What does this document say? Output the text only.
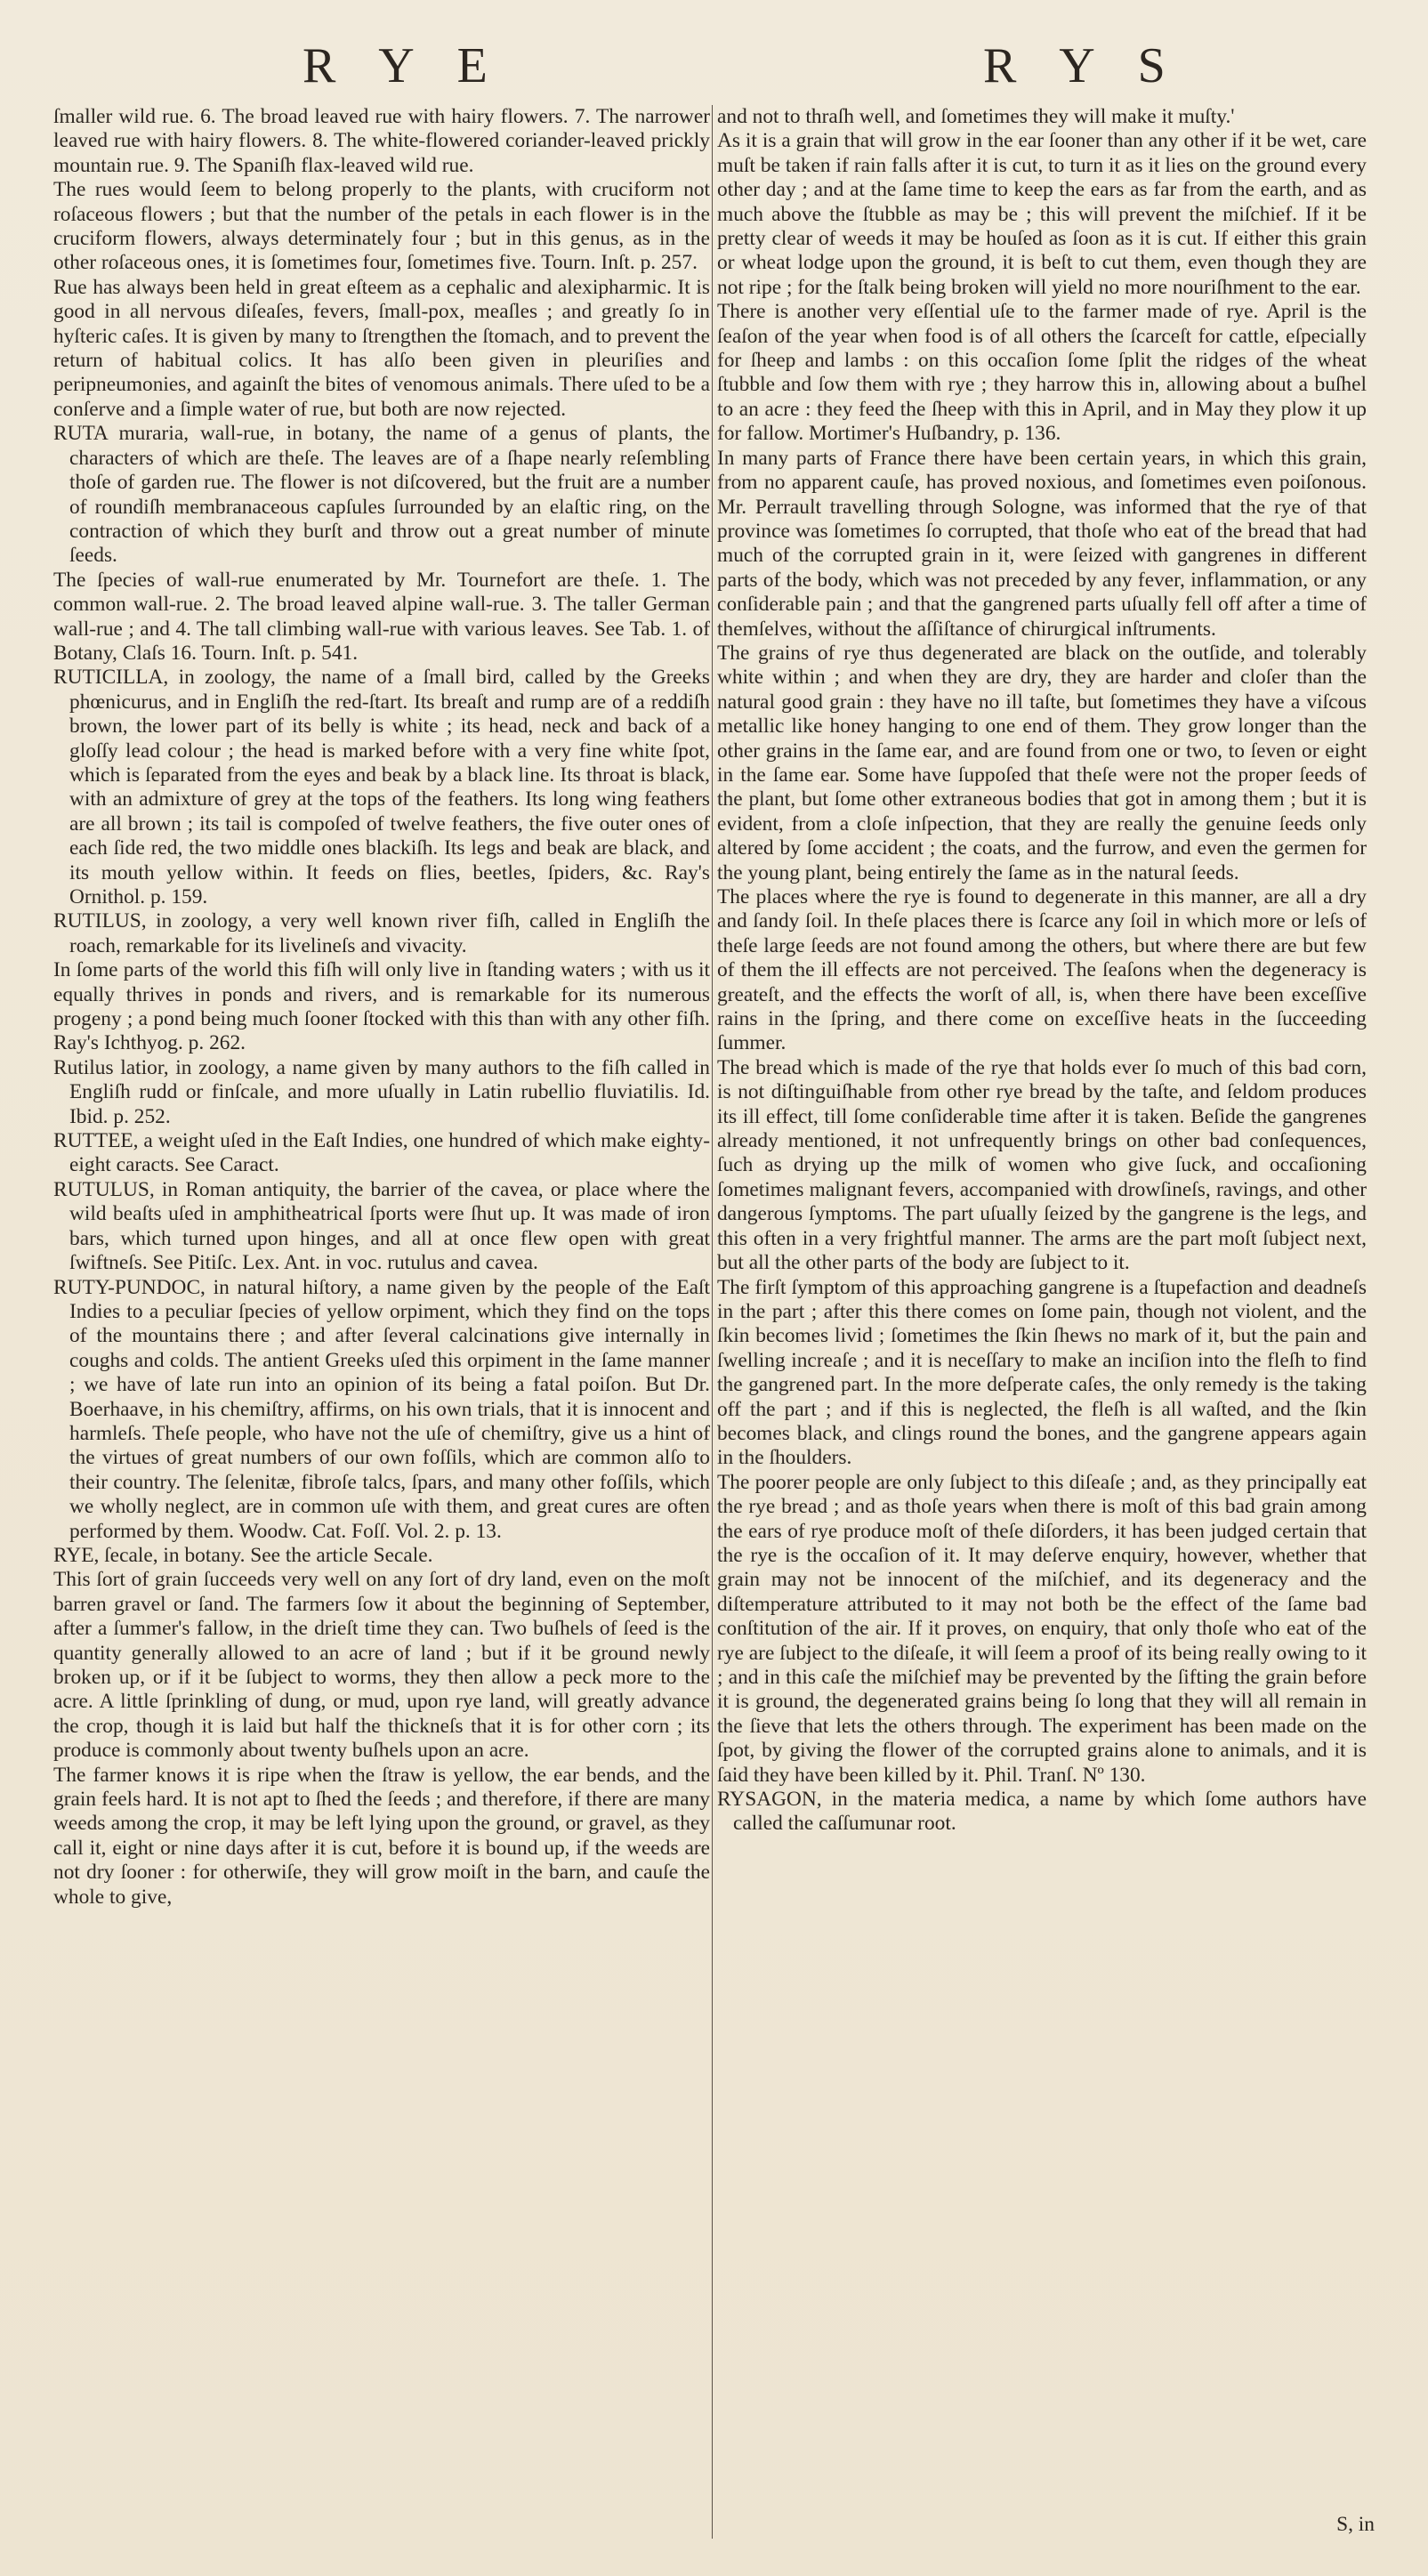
R Y E	R Y S

ſmaller wild rue. 6. The broad leaved rue with hairy flowers. 7. The narrower leaved rue with hairy flowers. 8. The white-flowered coriander-leaved prickly mountain rue. 9. The Spaniſh flax-leaved wild rue.

The rues would ſeem to belong properly to the plants, with cruciform not roſaceous flowers ; but that the number of the petals in each flower is in the cruciform flowers, always determinately four ; but in this genus, as in the other roſaceous ones, it is ſometimes four, ſometimes five. Tourn. Inſt. p. 257.

Rue has always been held in great eſteem as a cephalic and alexipharmic. It is good in all nervous diſeaſes, fevers, ſmall-pox, meaſles ; and greatly ſo in hyſteric caſes. It is given by many to ſtrengthen the ſtomach, and to prevent the return of habitual colics. It has alſo been given in pleuriſies and peripneumonies, and againſt the bites of venomous animals. There uſed to be a conſerve and a ſimple water of rue, but both are now rejected.

RUTA muraria, wall-rue, in botany, the name of a genus of plants, the characters of which are theſe. The leaves are of a ſhape nearly reſembling thoſe of garden rue. The flower is not diſcovered, but the fruit are a number of roundiſh membranaceous capſules ſurrounded by an elaſtic ring, on the contraction of which they burſt and throw out a great number of minute ſeeds.

The ſpecies of wall-rue enumerated by Mr. Tournefort are theſe. 1. The common wall-rue. 2. The broad leaved alpine wall-rue. 3. The taller German wall-rue ; and 4. The tall climbing wall-rue with various leaves. See Tab. 1. of Botany, Claſs 16. Tourn. Inſt. p. 541.

RUTICILLA, in zoology, the name of a ſmall bird, called by the Greeks phœnicurus, and in Engliſh the red-ſtart. Its breaſt and rump are of a reddiſh brown, the lower part of its belly is white ; its head, neck and back of a gloſſy lead colour ; the head is marked before with a very fine white ſpot, which is ſeparated from the eyes and beak by a black line. Its throat is black, with an admixture of grey at the tops of the feathers. Its long wing feathers are all brown ; its tail is compoſed of twelve feathers, the five outer ones of each ſide red, the two middle ones blackiſh. Its legs and beak are black, and its mouth yellow within. It feeds on flies, beetles, ſpiders, &c. Ray's Ornithol. p. 159.

RUTILUS, in zoology, a very well known river fiſh, called in Engliſh the roach, remarkable for its livelineſs and vivacity.

In ſome parts of the world this fiſh will only live in ſtanding waters ; with us it equally thrives in ponds and rivers, and is remarkable for its numerous progeny ; a pond being much ſooner ſtocked with this than with any other fiſh. Ray's Ichthyog. p. 262.

Rutilus latior, in zoology, a name given by many authors to the fiſh called in Engliſh rudd or finſcale, and more uſually in Latin rubellio fluviatilis. Id. Ibid. p. 252.

RUTTEE, a weight uſed in the Eaſt Indies, one hundred of which make eighty-eight caracts. See Caract.

RUTULUS, in Roman antiquity, the barrier of the cavea, or place where the wild beaſts uſed in amphitheatrical ſports were ſhut up. It was made of iron bars, which turned upon hinges, and all at once flew open with great ſwiftneſs. See Pitiſc. Lex. Ant. in voc. rutulus and cavea.

RUTY-PUNDOC, in natural hiſtory, a name given by the people of the Eaſt Indies to a peculiar ſpecies of yellow orpiment, which they find on the tops of the mountains there ; and after ſeveral calcinations give internally in coughs and colds. The antient Greeks uſed this orpiment in the ſame manner ; we have of late run into an opinion of its being a fatal poiſon. But Dr. Boerhaave, in his chemiſtry, affirms, on his own trials, that it is innocent and harmleſs. Theſe people, who have not the uſe of chemiſtry, give us a hint of the virtues of great numbers of our own foſſils, which are common alſo to their country. The ſelenitæ, fibroſe talcs, ſpars, and many other foſſils, which we wholly neglect, are in common uſe with them, and great cures are often performed by them. Woodw. Cat. Foſſ. Vol. 2. p. 13.

RYE, ſecale, in botany. See the article Secale.

This ſort of grain ſucceeds very well on any ſort of dry land, even on the moſt barren gravel or ſand. The farmers ſow it about the beginning of September, after a ſummer's fallow, in the drieſt time they can. Two buſhels of ſeed is the quantity generally allowed to an acre of land ; but if it be ground newly broken up, or if it be ſubject to worms, they then allow a peck more to the acre. A little ſprinkling of dung, or mud, upon rye land, will greatly advance the crop, though it is laid but half the thickneſs that it is for other corn ; its produce is commonly about twenty buſhels upon an acre.

The farmer knows it is ripe when the ſtraw is yellow, the ear bends, and the grain feels hard. It is not apt to ſhed the ſeeds ; and therefore, if there are many weeds among the crop, it may be left lying upon the ground, or gravel, as they call it, eight or nine days after it is cut, before it is bound up, if the weeds are not dry ſooner : for otherwiſe, they will grow moiſt in the barn, and cauſe the whole to give,

and not to thraſh well, and ſometimes they will make it muſty.'

As it is a grain that will grow in the ear ſooner than any other if it be wet, care muſt be taken if rain falls after it is cut, to turn it as it lies on the ground every other day ; and at the ſame time to keep the ears as far from the earth, and as much above the ſtubble as may be ; this will prevent the miſchief. If it be pretty clear of weeds it may be houſed as ſoon as it is cut. If either this grain or wheat lodge upon the ground, it is beſt to cut them, even though they are not ripe ; for the ſtalk being broken will yield no more nouriſhment to the ear.

There is another very eſſential uſe to the farmer made of rye. April is the ſeaſon of the year when food is of all others the ſcarceſt for cattle, eſpecially for ſheep and lambs : on this occaſion ſome ſplit the ridges of the wheat ſtubble and ſow them with rye ; they harrow this in, allowing about a buſhel to an acre : they feed the ſheep with this in April, and in May they plow it up for fallow. Mortimer's Huſbandry, p. 136.

In many parts of France there have been certain years, in which this grain, from no apparent cauſe, has proved noxious, and ſometimes even poiſonous. Mr. Perrault travelling through Sologne, was informed that the rye of that province was ſometimes ſo corrupted, that thoſe who eat of the bread that had much of the corrupted grain in it, were ſeized with gangrenes in different parts of the body, which was not preceded by any fever, inflammation, or any conſiderable pain ; and that the gangrened parts uſually fell off after a time of themſelves, without the aſſiſtance of chirurgical inſtruments.

The grains of rye thus degenerated are black on the outſide, and tolerably white within ; and when they are dry, they are harder and cloſer than the natural good grain : they have no ill taſte, but ſometimes they have a viſcous metallic like honey hanging to one end of them. They grow longer than the other grains in the ſame ear, and are found from one or two, to ſeven or eight in the ſame ear. Some have ſuppoſed that theſe were not the proper ſeeds of the plant, but ſome other extraneous bodies that got in among them ; but it is evident, from a cloſe inſpection, that they are really the genuine ſeeds only altered by ſome accident ; the coats, and the furrow, and even the germen for the young plant, being entirely the ſame as in the natural ſeeds.

The places where the rye is found to degenerate in this manner, are all a dry and ſandy ſoil. In theſe places there is ſcarce any ſoil in which more or leſs of theſe large ſeeds are not found among the others, but where there are but few of them the ill effects are not perceived. The ſeaſons when the degeneracy is greateſt, and the effects the worſt of all, is, when there have been exceſſive rains in the ſpring, and there come on exceſſive heats in the ſucceeding ſummer.

The bread which is made of the rye that holds ever ſo much of this bad corn, is not diſtinguiſhable from other rye bread by the taſte, and ſeldom produces its ill effect, till ſome conſiderable time after it is taken. Beſide the gangrenes already mentioned, it not unfrequently brings on other bad conſequences, ſuch as drying up the milk of women who give ſuck, and occaſioning ſometimes malignant fevers, accompanied with drowſineſs, ravings, and other dangerous ſymptoms. The part uſually ſeized by the gangrene is the legs, and this often in a very frightful manner. The arms are the part moſt ſubject next, but all the other parts of the body are ſubject to it.

The firſt ſymptom of this approaching gangrene is a ſtupefaction and deadneſs in the part ; after this there comes on ſome pain, though not violent, and the ſkin becomes livid ; ſometimes the ſkin ſhews no mark of it, but the pain and ſwelling increaſe ; and it is neceſſary to make an inciſion into the fleſh to find the gangrened part. In the more deſperate caſes, the only remedy is the taking off the part ; and if this is neglected, the fleſh is all waſted, and the ſkin becomes black, and clings round the bones, and the gangrene appears again in the ſhoulders.

The poorer people are only ſubject to this diſeaſe ; and, as they principally eat the rye bread ; and as thoſe years when there is moſt of this bad grain among the ears of rye produce moſt of theſe diſorders, it has been judged certain that the rye is the occaſion of it. It may deſerve enquiry, however, whether that grain may not be innocent of the miſchief, and its degeneracy and the diſtemperature attributed to it may not both be the effect of the ſame bad conſtitution of the air. If it proves, on enquiry, that only thoſe who eat of the rye are ſubject to the diſeaſe, it will ſeem a proof of its being really owing to it ; and in this caſe the miſchief may be prevented by the ſifting the grain before it is ground, the degenerated grains being ſo long that they will all remain in the ſieve that lets the others through. The experiment has been made on the ſpot, by giving the flower of the corrupted grains alone to animals, and it is ſaid they have been killed by it. Phil. Tranſ. Nº 130.

RYSAGON, in the materia medica, a name by which ſome authors have called the caſſumunar root.

S, in
